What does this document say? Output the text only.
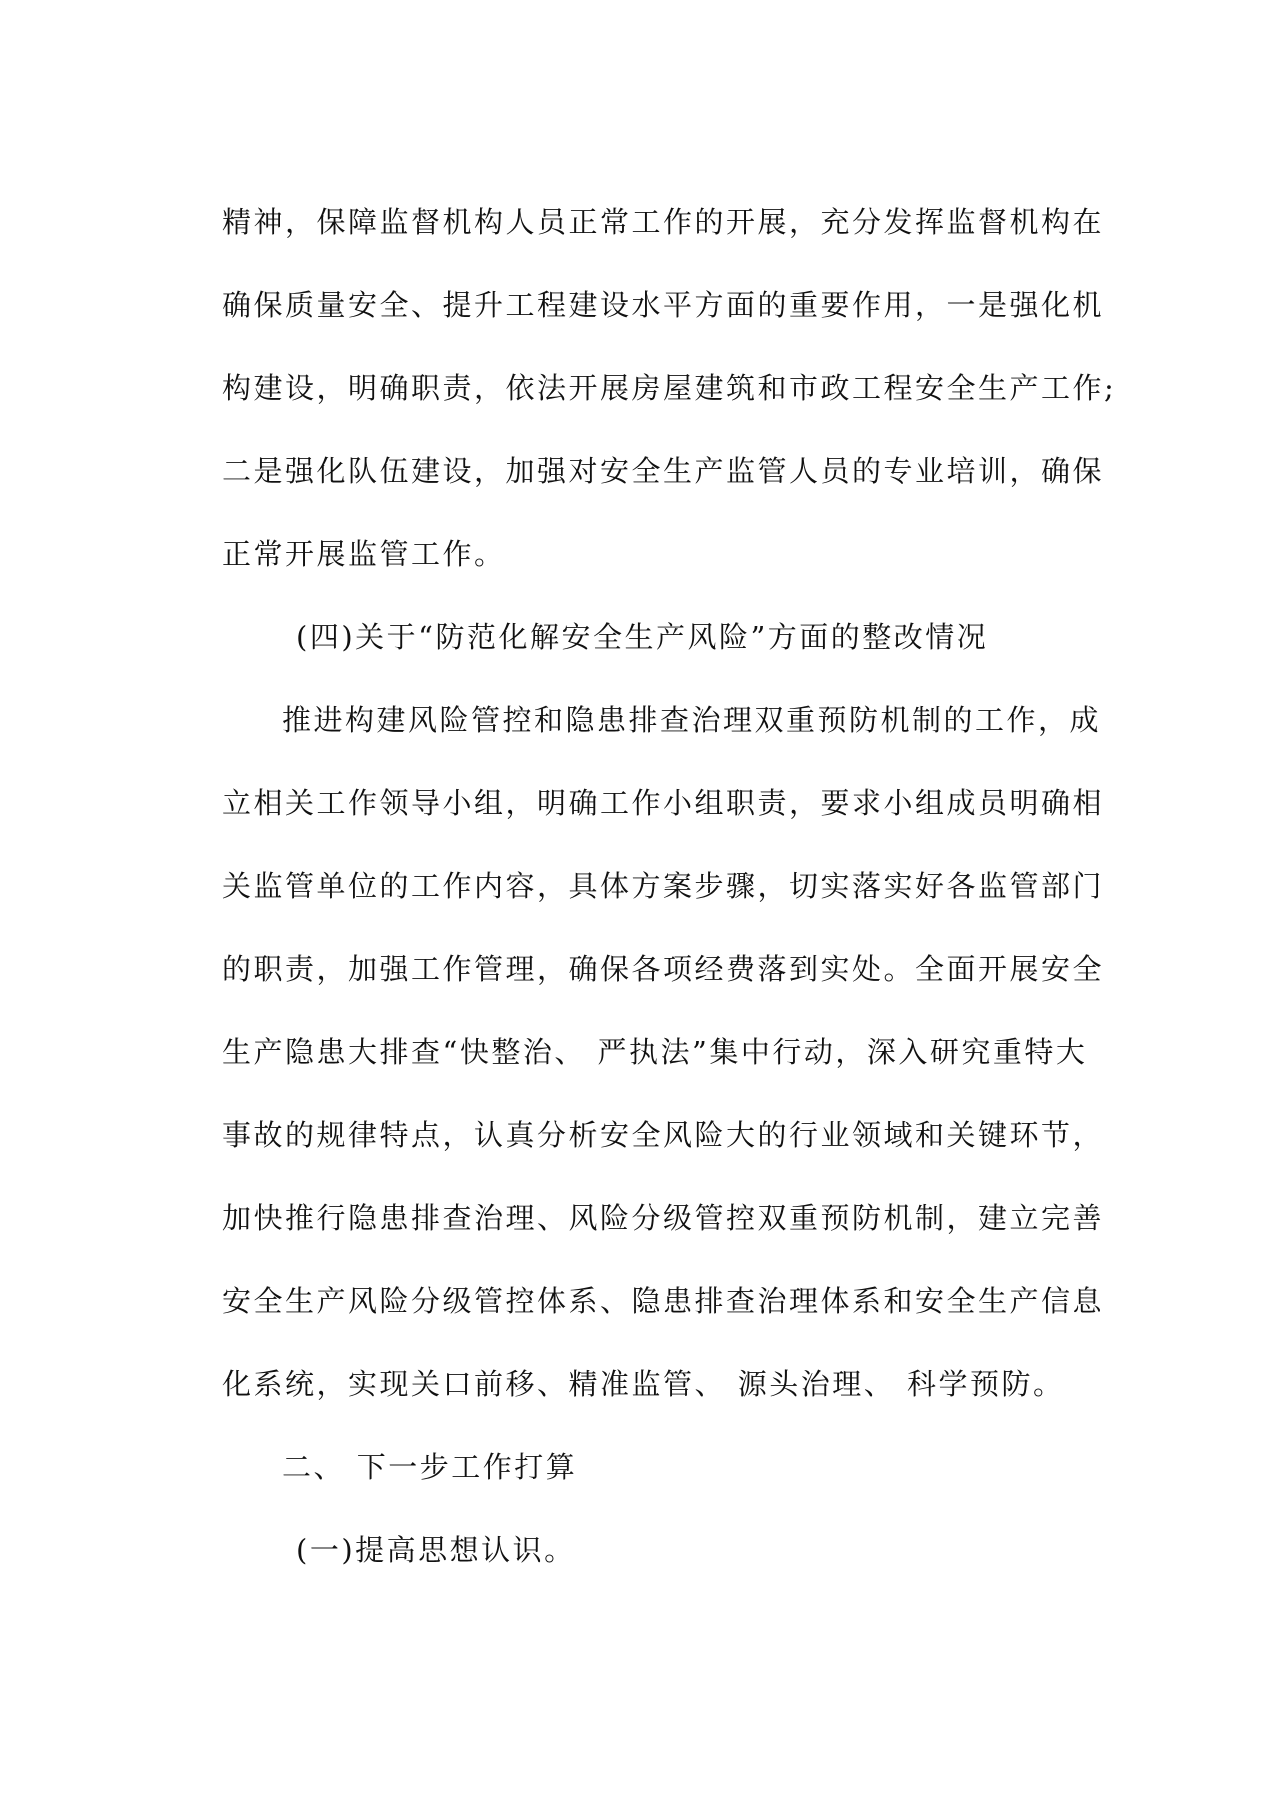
精神，保障监督机构人员正常工作的开展，充分发挥监督机构在
确保质量安全、提升工程建设水平方面的重要作用，一是强化机
构建设，明确职责，依法开展房屋建筑和市政工程安全生产工作;
二是强化队伍建设，加强对安全生产监管人员的专业培训，确保
正常开展监管工作。
(四)关于“防范化解安全生产风险”方面的整改情况
推进构建风险管控和隐患排查治理双重预防机制的工作，成
立相关工作领导小组，明确工作小组职责，要求小组成员明确相
关监管单位的工作内容，具体方案步骤，切实落实好各监管部门
的职责，加强工作管理，确保各项经费落到实处。全面开展安全
生产隐患大排查“快整治、 严执法”集中行动，深入研究重特大
事故的规律特点，认真分析安全风险大的行业领域和关键环节，
加快推行隐患排查治理、风险分级管控双重预防机制，建立完善
安全生产风险分级管控体系、隐患排查治理体系和安全生产信息
化系统，实现关口前移、精准监管、 源头治理、 科学预防。
二、 下一步工作打算
(一)提高思想认识。
